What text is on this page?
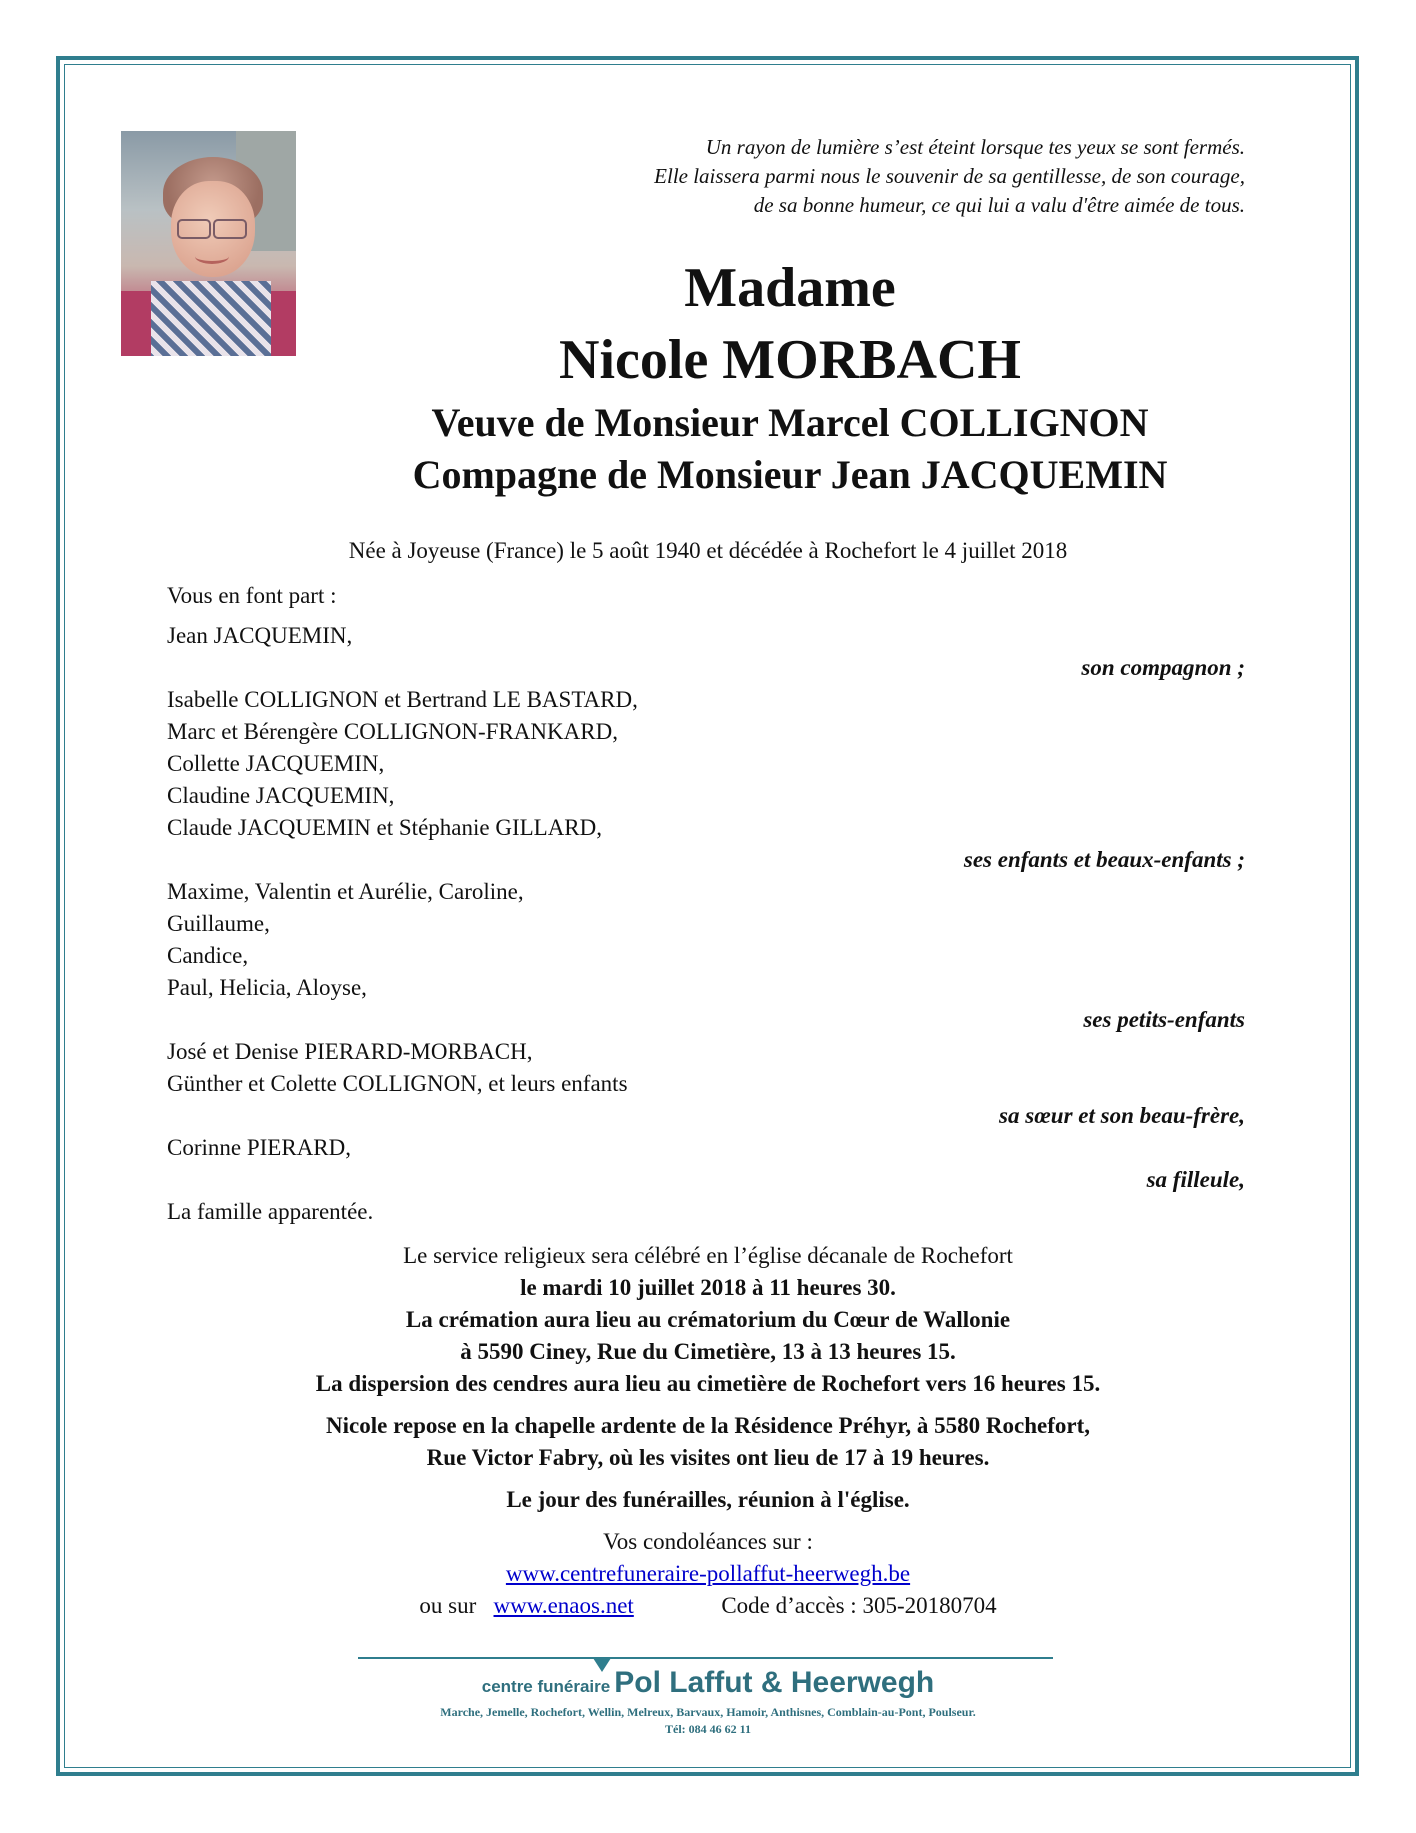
Un rayon de lumière s’est éteint lorsque tes yeux se sont fermés.
Elle laissera parmi nous le souvenir de sa gentillesse, de son courage,
de sa bonne humeur, ce qui lui a valu d'être aimée de tous.
Madame
Nicole MORBACH
Veuve de Monsieur Marcel COLLIGNON
Compagne de Monsieur Jean JACQUEMIN
Née à Joyeuse (France) le 5 août 1940 et décédée à Rochefort le 4 juillet 2018
Vous en font part :
Jean JACQUEMIN,
son compagnon ;
Isabelle COLLIGNON et Bertrand LE BASTARD,
Marc et Bérengère COLLIGNON-FRANKARD,
Collette JACQUEMIN,
Claudine JACQUEMIN,
Claude JACQUEMIN et Stéphanie GILLARD,
ses enfants et beaux-enfants ;
Maxime, Valentin et Aurélie, Caroline,
Guillaume,
Candice,
Paul, Helicia, Aloyse,
ses petits-enfants
José et Denise PIERARD-MORBACH,
Günther et Colette COLLIGNON, et leurs enfants
sa sœur et son beau-frère,
Corinne PIERARD,
sa filleule,
La famille apparentée.
Le service religieux sera célébré en l’église décanale de Rochefort
le mardi 10 juillet 2018 à 11 heures 30.
La crémation aura lieu au crématorium du Cœur de Wallonie
à 5590 Ciney, Rue du Cimetière, 13 à 13 heures 15.
La dispersion des cendres aura lieu au cimetière de Rochefort vers 16 heures 15.
Nicole repose en la chapelle ardente de la Résidence Préhyr, à 5580 Rochefort,
Rue Victor Fabry, où les visites ont lieu de 17 à 19 heures.
Le jour des funérailles, réunion à l'église.
Vos condoléances sur :
www.centrefuneraire-pollaffut-heerwegh.be
ou sur www.enaos.net	Code d’accès : 305-20180704
centre funéraire Pol Laffut & Heerwegh
Marche, Jemelle, Rochefort, Wellin, Melreux, Barvaux, Hamoir, Anthisnes, Comblain-au-Pont, Poulseur.
Tél: 084 46 62 11
